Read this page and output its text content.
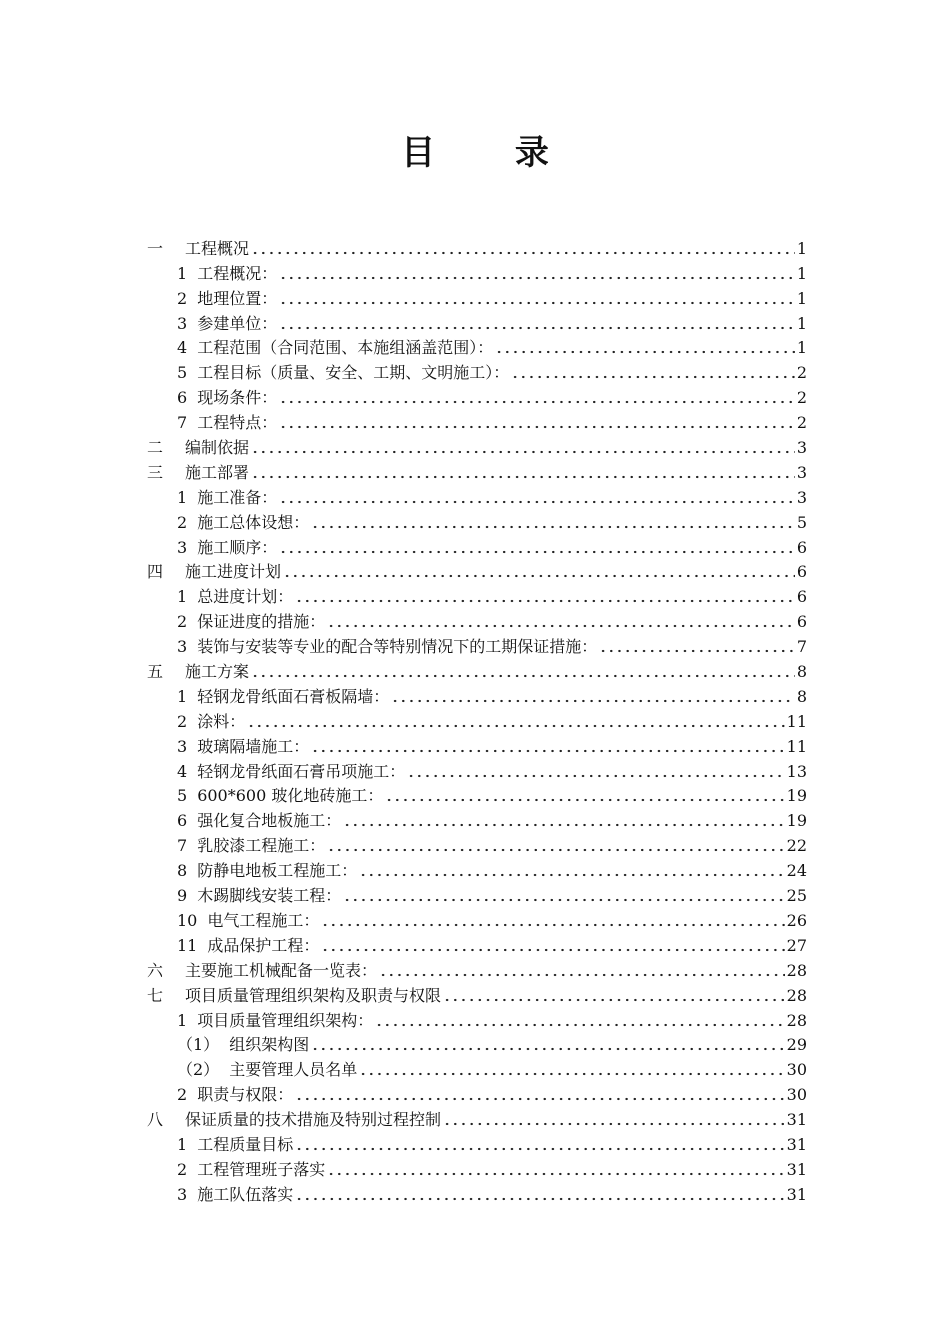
目 录
一 工程概况	1
1 工程概况：	1
2 地理位置：	1
3 参建单位：	1
4 工程范围（合同范围、本施组涵盖范围）：	1
5 工程目标（质量、安全、工期、文明施工）：	2
6 现场条件：	2
7 工程特点：	2
二 编制依据	3
三 施工部署	3
1 施工准备：	3
2 施工总体设想：	5
3 施工顺序：	6
四 施工进度计划	6
1 总进度计划：	6
2 保证进度的措施：	6
3 装饰与安装等专业的配合等特别情况下的工期保证措施：	7
五 施工方案	8
1 轻钢龙骨纸面石膏板隔墙：	8
2 涂料：	11
3 玻璃隔墙施工：	11
4 轻钢龙骨纸面石膏吊项施工：	13
5 600*600 玻化地砖施工：	19
6 强化复合地板施工：	19
7 乳胶漆工程施工：	22
8 防静电地板工程施工：	24
9 木踢脚线安装工程：	25
10 电气工程施工：	26
11 成品保护工程：	27
六 主要施工机械配备一览表：	28
七 项目质量管理组织架构及职责与权限	28
1 项目质量管理组织架构：	28
（1） 组织架构图	29
（2） 主要管理人员名单	30
2 职责与权限：	30
八 保证质量的技术措施及特别过程控制	31
1 工程质量目标	31
2 工程管理班子落实	31
3 施工队伍落实	31
